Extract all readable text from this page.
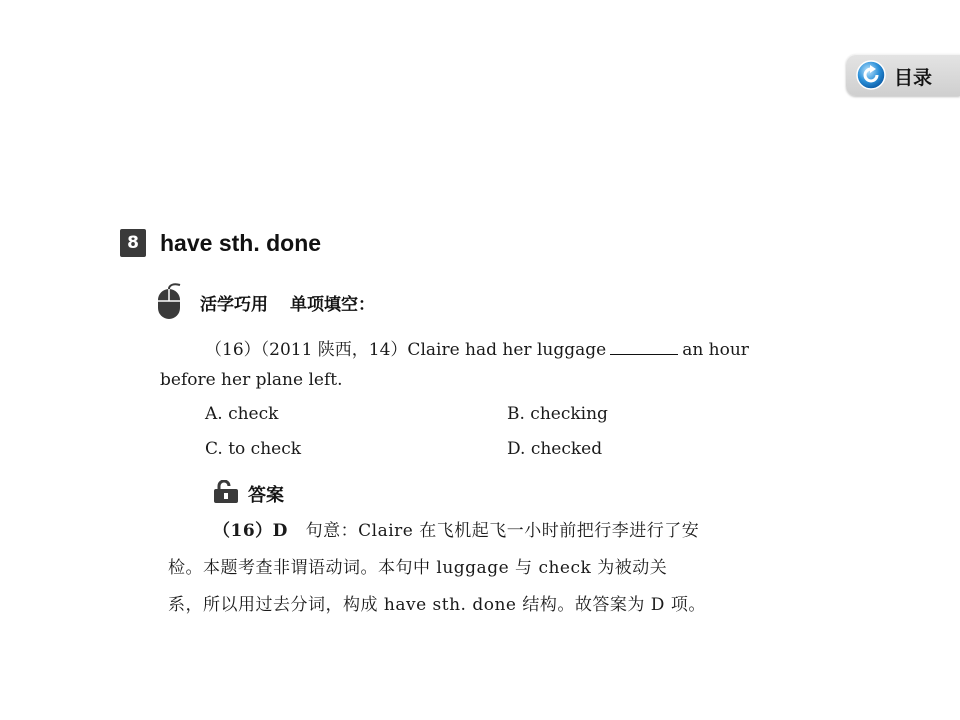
目录
8 have sth. done
活学巧用 单项填空：
（16）（2011 陕西，14）Claire had her luggage	an hour
before her plane left.
A. check	B. checking
C. to check	D. checked
答案
（16）D 句意：Claire 在飞机起飞一小时前把行李进行了安
检。本题考查非谓语动词。本句中 luggage 与 check 为被动关
系，所以用过去分词，构成 have sth. done 结构。故答案为 D 项。
